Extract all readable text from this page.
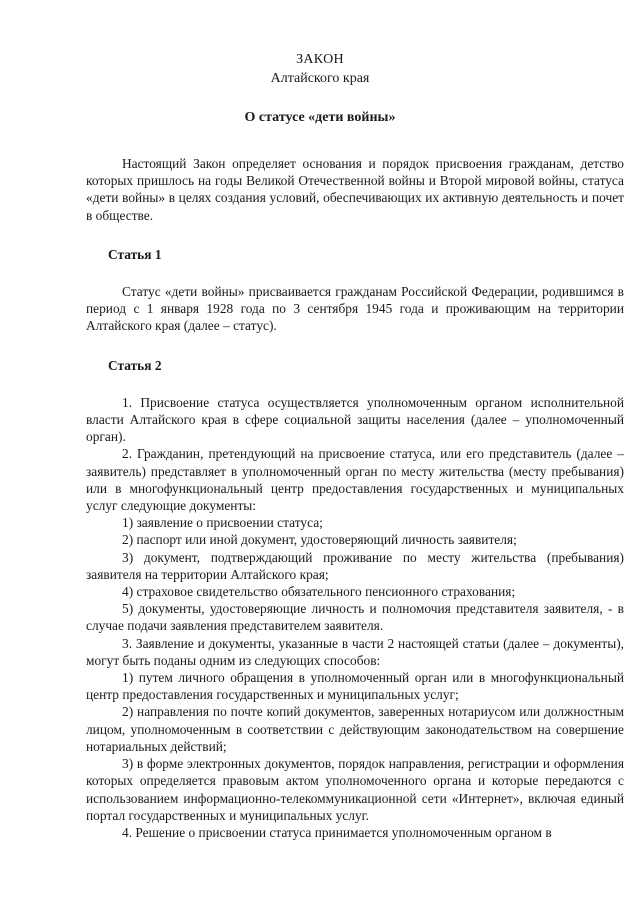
ЗАКОН
Алтайского края
О статусе «дети войны»

Настоящий Закон определяет основания и порядок присвоения гражданам, детство которых пришлось на годы Великой Отечественной войны и Второй мировой войны, статуса «дети войны» в целях создания условий, обеспечивающих их активную деятельность и почет в обществе.

Статья 1

Статус «дети войны» присваивается гражданам Российской Федерации, родившимся в период с 1 января 1928 года по 3 сентября 1945 года и проживающим на территории Алтайского края (далее – статус).

Статья 2

1. Присвоение статуса осуществляется уполномоченным органом исполнительной власти Алтайского края в сфере социальной защиты населения (далее – уполномоченный орган).

2. Гражданин, претендующий на присвоение статуса, или его представитель (далее – заявитель) представляет в уполномоченный орган по месту жительства (месту пребывания) или в многофункциональный центр предоставления государственных и муниципальных услуг следующие документы:

1) заявление о присвоении статуса;

2) паспорт или иной документ, удостоверяющий личность заявителя;

3) документ, подтверждающий проживание по месту жительства (пребывания) заявителя на территории Алтайского края;

4) страховое свидетельство обязательного пенсионного страхования;

5) документы, удостоверяющие личность и полномочия представителя заявителя, - в случае подачи заявления представителем заявителя.

3. Заявление и документы, указанные в части 2 настоящей статьи (далее – документы), могут быть поданы одним из следующих способов:

1) путем личного обращения в уполномоченный орган или в многофункциональный центр предоставления государственных и муниципальных услуг;

2) направления по почте копий документов, заверенных нотариусом или должностным лицом, уполномоченным в соответствии с действующим законодательством на совершение нотариальных действий;

3) в форме электронных документов, порядок направления, регистрации и оформления которых определяется правовым актом уполномоченного органа и которые передаются с использованием информационно-телекоммуникационной сети «Интернет», включая единый портал государственных и муниципальных услуг.

4. Решение о присвоении статуса принимается уполномоченным органом в
